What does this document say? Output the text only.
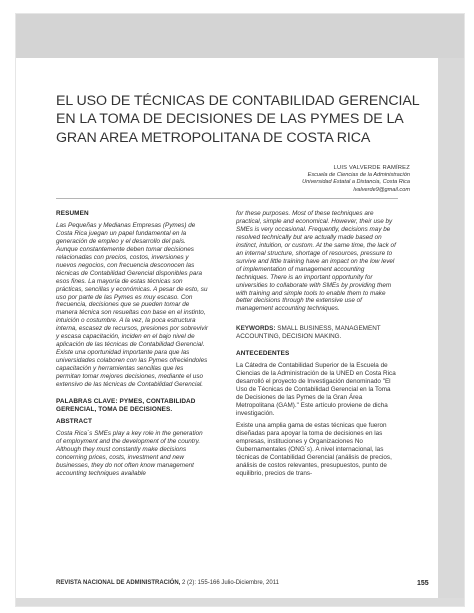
EL USO DE TÉCNICAS DE CONTABILIDAD GERENCIAL
EN LA TOMA DE DECISIONES DE LAS PYMES DE LA
GRAN AREA METROPOLITANA DE COSTA RICA
LUIS VALVERDE RAMÍREZ
Escuela de Ciencias de la Administración
Universidad Estatal a Distancia, Costa Rica
lvalverde9@gmail.com
RESUMEN

Las Pequeñas y Medianas Empresas (Pymes) de Costa Rica juegan un papel fundamental en la generación de empleo y el desarrollo del país. Aunque constantemente deben tomar decisiones relacionadas con precios, costos, inversiones y nuevos negocios, con frecuencia desconocen las técnicas de Contabilidad Gerencial disponibles para esos fines. La mayoría de estas técnicas son prácticas, sencillas y económicas. A pesar de esto, su uso por parte de las Pymes es muy escaso. Con frecuencia, decisiones que se pueden tomar de manera técnica son resueltas con base en el instinto, intuición o costumbre. A la vez, la poca estructura interna, escasez de recursos, presiones por sobrevivir y escasa capacitación, inciden en el bajo nivel de aplicación de las técnicas de Contabilidad Gerencial. Existe una oportunidad importante para que las universidades colaboren con las Pymes ofreciéndoles capacitación y herramientas sencillas que les permitan tomar mejores decisiones, mediante el uso extensivo de las técnicas de Contabilidad Gerencial.

PALABRAS CLAVE: PYMES, CONTABILIDAD GERENCIAL, TOMA DE DECISIONES.
ABSTRACT

Costa Rica´s SMEs play a key role in the generation of employment and the development of the country. Although they must constantly make decisions concerning prices, costs, investment and new businesses, they do not often know management accounting techniques available

for these purposes. Most of these techniques are practical, simple and economical. However, their use by SMEs is very occasional. Frequently, decisions may be resolved technically but are actually made based on instinct, intuition, or custom. At the same time, the lack of an internal structure, shortage of resources, pressure to survive and little training have an impact on the low level of implementation of management accounting techniques. There is an important opportunity for universities to collaborate with SMEs by providing them with training and simple tools to enable them to make better decisions through the extensive use of management accounting techniques.

KEYWORDS: SMALL BUSINESS, MANAGEMENT ACCOUNTING, DECISION MAKING.

ANTECEDENTES

La Cátedra de Contabilidad Superior de la Escuela de Ciencias de la Administración de la UNED en Costa Rica desarrolló el proyecto de Investigación denominado "El Uso de Técnicas de Contabilidad Gerencial en la Toma de Decisiones de las Pymes de la Gran Área Metropolitana (GAM)." Este artículo proviene de dicha investigación.

Existe una amplia gama de estas técnicas que fueron diseñadas para apoyar la toma de decisiones en las empresas, instituciones y Organizaciones No Gubernamentales (ONG´s). A nivel internacional, las técnicas de Contabilidad Gerencial (análisis de precios, análisis de costos relevantes, presupuestos, punto de equilibrio, precios de trans-

REVISTA NACIONAL DE ADMINISTRACIÓN, 2 (2): 155-166 Julio-Diciembre, 2011	155
